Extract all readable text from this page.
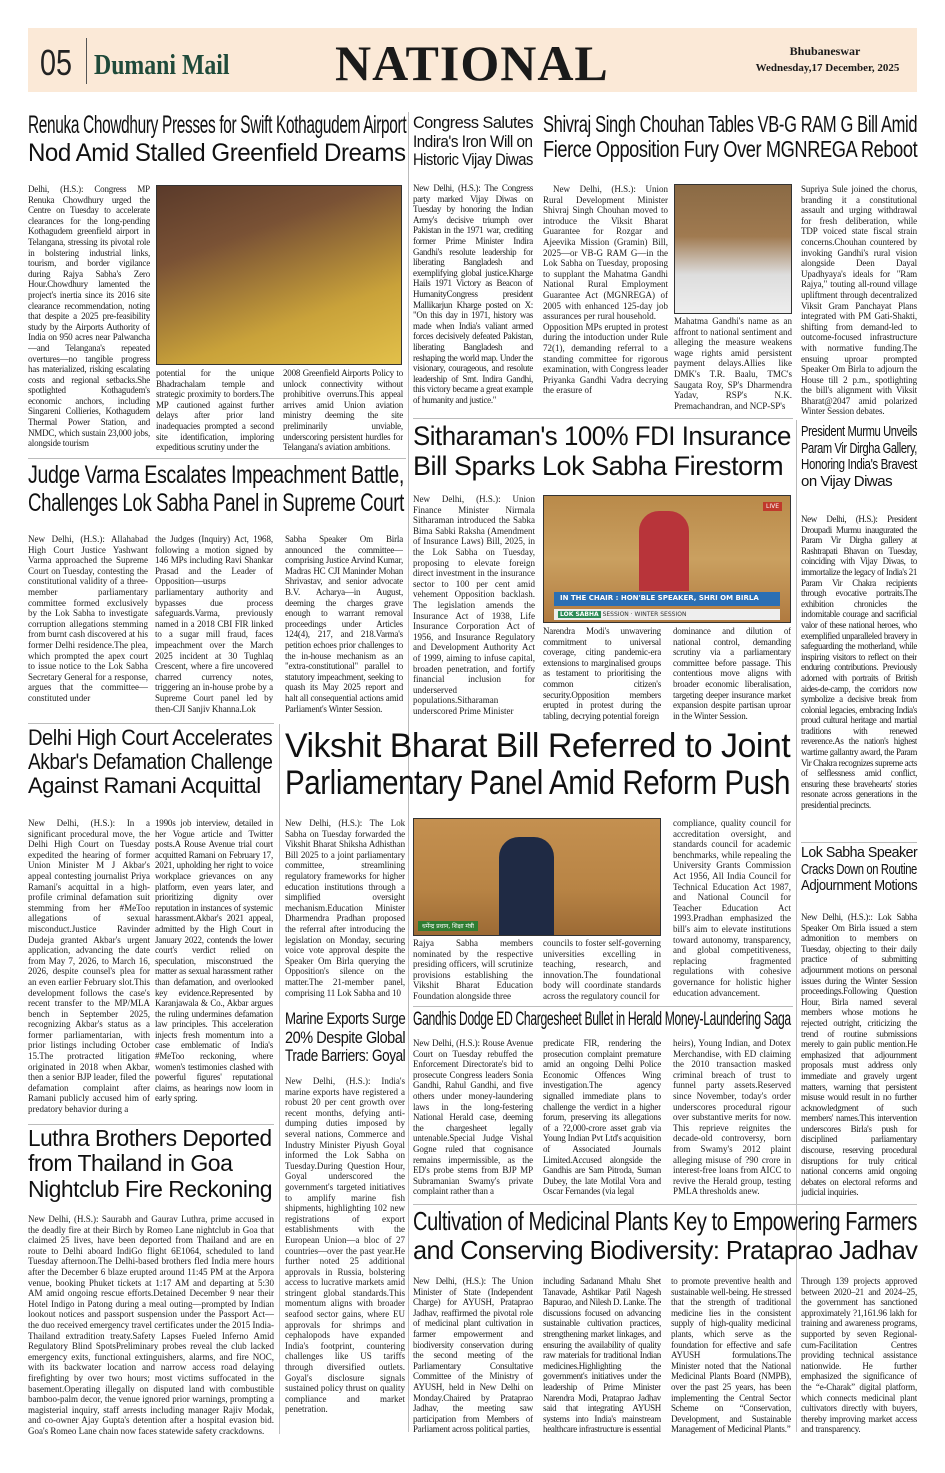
05 Dumani Mail NATIONAL	Bhubaneswar
Wednesday,17 December, 2025
Renuka Chowdhury Presses for Swift Kothagudem Airport
Nod Amid Stalled Greenfield Dreams
Delhi, (H.S.): Congress MP Renuka Chowdhury urged the Centre on Tuesday to accelerate clearances for the long-pending Kothagudem greenfield airport in Telangana, stressing its pivotal role in bolstering industrial links, tourism, and border vigilance during Rajya Sabha's Zero Hour.Chowdhury lamented the project's inertia since its 2016 site clearance recommendation, noting that despite a 2025 pre-feasibility study by the Airports Authority of India on 950 acres near Palwancha—and Telangana's repeated overtures—no tangible progress has materialized, risking escalating costs and regional setbacks.She spotlighted Kothagudem's economic anchors, including Singareni Collieries, Kothagudem Thermal Power Station, and NMDC, which sustain 23,000 jobs, alongside tourism
potential for the unique Bhadrachalam temple and strategic proximity to borders.The MP cautioned against further delays after prior land inadequacies prompted a second site identification, imploring expeditious scrutiny under the
2008 Greenfield Airports Policy to unlock connectivity without prohibitive overruns.This appeal arrives amid Union aviation ministry deeming the site preliminarily unviable, underscoring persistent hurdles for Telangana's aviation ambitions.
Congress Salutes
Indira's Iron Will on
Historic Vijay Diwas
New Delhi, (H.S.): The Congress party marked Vijay Diwas on Tuesday by honoring the Indian Army's decisive triumph over Pakistan in the 1971 war, crediting former Prime Minister Indira Gandhi's resolute leadership for liberating Bangladesh and exemplifying global justice.Kharge Hails 1971 Victory as Beacon of HumanityCongress president Mallikarjun Kharge posted on X: "On this day in 1971, history was made when India's valiant armed forces decisively defeated Pakistan, liberating Bangladesh and reshaping the world map. Under the visionary, courageous, and resolute leadership of Smt. Indira Gandhi, this victory became a great example of humanity and justice."
Shivraj Singh Chouhan Tables VB-G RAM G Bill Amid
Fierce Opposition Fury Over MGNREGA Reboot

New Delhi, (H.S.): Union Rural Development Minister Shivraj Singh Chouhan moved to introduce the Viksit Bharat Guarantee for Rozgar and Ajeevika Mission (Gramin) Bill, 2025—or VB-G RAM G—in the Lok Sabha on Tuesday, proposing to supplant the Mahatma Gandhi National Rural Employment Guarantee Act (MGNREGA) of 2005 with enhanced 125-day job assurances per rural household.

Opposition MPs erupted in protest during the intoduction under Rule 72(1), demanding referral to a standing committee for rigorous examination, with Congress leader Priyanka Gandhi Vadra decrying the erasure of
Mahatma Gandhi's name as an affront to national sentiment and alleging the measure weakens wage rights amid persistent payment delays.Allies like DMK's T.R. Baalu, TMC's Saugata Roy, SP's Dharmendra Yadav, RSP's N.K. Premachandran, and NCP-SP's
Supriya Sule joined the chorus, branding it a constitutional assault and urging withdrawal for fresh deliberation, while TDP voiced state fiscal strain concerns.Chouhan countered by invoking Gandhi's rural vision alongside Deen Dayal Upadhyaya's ideals for "Ram Rajya," touting all-round village upliftment through decentralized Viksit Gram Panchayat Plans integrated with PM Gati-Shakti, shifting from demand-led to outcome-focused infrastructure with normative funding.The ensuing uproar prompted Speaker Om Birla to adjourn the House till 2 p.m., spotlighting the bill's alignment with Viksit Bharat@2047 amid polarized Winter Session debates.
Judge Varma Escalates Impeachment Battle,
Challenges Lok Sabha Panel in Supreme Court
New Delhi, (H.S.): Allahabad High Court Justice Yashwant Varma approached the Supreme Court on Tuesday, contesting the constitutional validity of a three-member parliamentary committee formed exclusively by the Lok Sabha to investigate corruption allegations stemming from burnt cash discovered at his former Delhi residence.The plea, which prompted the apex court to issue notice to the Lok Sabha Secretary General for a response, argues that the committee—constituted under
the Judges (Inquiry) Act, 1968, following a motion signed by 146 MPs including Ravi Shankar Prasad and the Leader of Opposition—usurps parliamentary authority and bypasses due process safeguards.Varma, previously named in a 2018 CBI FIR linked to a sugar mill fraud, faces impeachment over the March 2025 incident at 30 Tughlaq Crescent, where a fire uncovered charred currency notes, triggering an in-house probe by a Supreme Court panel led by then-CJI Sanjiv Khanna.Lok
Sabha Speaker Om Birla announced the committee—comprising Justice Arvind Kumar, Madras HC CJI Maninder Mohan Shrivastav, and senior advocate B.V. Acharya—in August, deeming the charges grave enough to warrant removal proceedings under Articles 124(4), 217, and 218.Varma's petition echoes prior challenges to the in-house mechanism as an "extra-constitutional" parallel to statutory impeachment, seeking to quash its May 2025 report and halt all consequential actions amid Parliament's Winter Session.
Sitharaman's 100% FDI Insurance
Bill Sparks Lok Sabha Firestorm
New Delhi, (H.S.): Union Finance Minister Nirmala Sitharaman introduced the Sabka Bima Sabki Raksha (Amendment of Insurance Laws) Bill, 2025, in the Lok Sabha on Tuesday, proposing to elevate foreign direct investment in the insurance sector to 100 per cent amid vehement Opposition backlash. The legislation amends the Insurance Act of 1938, Life Insurance Corporation Act of 1956, and Insurance Regulatory and Development Authority Act of 1999, aiming to infuse capital, broaden penetration, and fortify financial inclusion for underserved populations.Sitharaman underscored Prime Minister
LIVE
IN THE CHAIR : HON'BLE SPEAKER, SHRI OM BIRLA
LOK SABHA SESSION · WINTER SESSION
Narendra Modi's unwavering commitment to universal coverage, citing pandemic-era extensions to marginalised groups as testament to prioritising the common citizen's security.Opposition members erupted in protest during the tabling, decrying potential foreign
dominance and dilution of national control, demanding scrutiny via a parliamentary committee before passage. This contentious move aligns with broader economic liberalisation, targeting deeper insurance market expansion despite partisan uproar in the Winter Session.
President Murmu Unveils
Param Vir Dirgha Gallery,
Honoring India's Bravest
on Vijay Diwas
New Delhi, (H.S.): President Droupadi Murmu inaugurated the Param Vir Dirgha gallery at Rashtrapati Bhavan on Tuesday, coinciding with Vijay Diwas, to immortalize the legacy of India's 21 Param Vir Chakra recipients through evocative portraits.The exhibition chronicles the indomitable courage and sacrificial valor of these national heroes, who exemplified unparalleled bravery in safeguarding the motherland, while inspiring visitors to reflect on their enduring contributions. Previously adorned with portraits of British aides-de-camp, the corridors now symbolize a decisive break from colonial legacies, embracing India's proud cultural heritage and martial traditions with renewed reverence.As the nation's highest wartime gallantry award, the Param Vir Chakra recognizes supreme acts of selflessness amid conflict, ensuring these bravehearts' stories resonate across generations in the presidential precincts.
Delhi High Court Accelerates
Akbar's Defamation Challenge
Against Ramani Acquittal
New Delhi, (H.S.): In a significant procedural move, the Delhi High Court on Tuesday expedited the hearing of former Union Minister M J Akbar's appeal contesting journalist Priya Ramani's acquittal in a high-profile criminal defamation suit stemming from her #MeToo allegations of sexual misconduct.Justice Ravinder Dudeja granted Akbar's urgent application, advancing the date from May 7, 2026, to March 16, 2026, despite counsel's plea for an even earlier February slot.This development follows the case's recent transfer to the MP/MLA bench in September 2025, recognizing Akbar's status as a former parliamentarian, with prior listings including October 15.The protracted litigation originated in 2018 when Akbar, then a senior BJP leader, filed the defamation complaint after Ramani publicly accused him of predatory behavior during a
1990s job interview, detailed in her Vogue article and Twitter posts.A Rouse Avenue trial court acquitted Ramani on February 17, 2021, upholding her right to voice workplace grievances on any platform, even years later, and prioritizing dignity over reputation in instances of systemic harassment.Akbar's 2021 appeal, admitted by the High Court in January 2022, contends the lower court's verdict relied on speculation, misconstrued the matter as sexual harassment rather than defamation, and overlooked key evidence.Represented by Karanjawala & Co., Akbar argues the ruling undermines defamation law principles. This acceleration injects fresh momentum into a case emblematic of India's #MeToo reckoning, where women's testimonies clashed with powerful figures' reputational claims, as hearings now loom in early spring.
Vikshit Bharat Bill Referred to Joint
Parliamentary Panel Amid Reform Push
New Delhi, (H.S.): The Lok Sabha on Tuesday forwarded the Vikshit Bharat Shiksha Adhisthan Bill 2025 to a joint parliamentary committee, streamlining regulatory frameworks for higher education institutions through a simplified oversight mechanism.Education Minister Dharmendra Pradhan proposed the referral after introducing the legislation on Monday, securing voice vote approval despite the Speaker Om Birla querying the Opposition's silence on the matter.The 21-member panel, comprising 11 Lok Sabha and 10
धर्मेन्द्र प्रधान, शिक्षा मंत्री
Rajya Sabha members nominated by the respective presiding officers, will scrutinize provisions establishing the Vikshit Bharat Education Foundation alongside three
councils to foster self-governing universities excelling in teaching, research, and innovation.The foundational body will coordinate standards across the regulatory council for
compliance, quality council for accreditation oversight, and standards council for academic benchmarks, while repealing the University Grants Commission Act 1956, All India Council for Technical Education Act 1987, and National Council for Teacher Education Act 1993.Pradhan emphasized the bill's aim to elevate institutions toward autonomy, transparency, and global competitiveness, replacing fragmented regulations with cohesive governance for holistic higher education advancement.
Lok Sabha Speaker
Cracks Down on Routine
Adjournment Motions
New Delhi, (H.S.):: Lok Sabha Speaker Om Birla issued a stern admonition to members on Tuesday, objecting to their daily practice of submitting adjournment motions on personal issues during the Winter Session proceedings.Following Question Hour, Birla named several members whose motions he rejected outright, criticizing the trend of routine submissions merely to gain public mention.He emphasized that adjournment proposals must address only immediate and gravely urgent matters, warning that persistent misuse would result in no further acknowledgment of such members' names.This intervention underscores Birla's push for disciplined parliamentary discourse, reserving procedural disruptions for truly critical national concerns amid ongoing debates on electoral reforms and judicial inquiries.
Marine Exports Surge
20% Despite Global
Trade Barriers: Goyal
New Delhi, (H.S.): India's marine exports have registered a robust 20 per cent growth over recent months, defying anti-dumping duties imposed by several nations, Commerce and Industry Minister Piyush Goyal informed the Lok Sabha on Tuesday.During Question Hour, Goyal underscored the government's targeted initiatives to amplify marine fish shipments, highlighting 102 new registrations of export establishments with the European Union—a bloc of 27 countries—over the past year.He further noted 25 additional approvals in Russia, bolstering access to lucrative markets amid stringent global standards.This momentum aligns with broader seafood sector gains, where EU approvals for shrimps and cephalopods have expanded India's footprint, countering challenges like US tariffs through diversified outlets. Goyal's disclosure signals sustained policy thrust on quality compliance and market penetration.
Gandhis Dodge ED Chargesheet Bullet in Herald Money-Laundering Saga
New Delhi, (H.S.): Rouse Avenue Court on Tuesday rebuffed the Enforcement Directorate's bid to prosecute Congress leaders Sonia Gandhi, Rahul Gandhi, and five others under money-laundering laws in the long-festering National Herald case, deeming the chargesheet legally untenable.Special Judge Vishal Gogne ruled that cognisance remains impermissible, as the ED's probe stems from BJP MP Subramanian Swamy's private complaint rather than a
predicate FIR, rendering the prosecution complaint premature amid an ongoing Delhi Police Economic Offences Wing investigation.The agency signalled immediate plans to challenge the verdict in a higher forum, preserving its allegations of a ?2,000-crore asset grab via Young Indian Pvt Ltd's acquisition of Associated Journals Limited.Accused alongside the Gandhis are Sam Pitroda, Suman Dubey, the late Motilal Vora and Oscar Fernandes (via legal
heirs), Young Indian, and Dotex Merchandise, with ED claiming the 2010 transaction masked criminal breach of trust to funnel party assets.Reserved since November, today's order underscores procedural rigour over substantive merits for now. This reprieve reignites the decade-old controversy, born from Swamy's 2012 plaint alleging misuse of ?90 crore in interest-free loans from AICC to revive the Herald group, testing PMLA thresholds anew.
Luthra Brothers Deported
from Thailand in Goa
Nightclub Fire Reckoning
New Delhi, (H.S.): Saurabh and Gaurav Luthra, prime accused in the deadly fire at their Birch by Romeo Lane nightclub in Goa that claimed 25 lives, have been deported from Thailand and are en route to Delhi aboard IndiGo flight 6E1064, scheduled to land Tuesday afternoon.The Delhi-based brothers fled India mere hours after the December 6 blaze erupted around 11:45 PM at the Arpora venue, booking Phuket tickets at 1:17 AM and departing at 5:30 AM amid ongoing rescue efforts.Detained December 9 near their Hotel Indigo in Patong during a meal outing—prompted by Indian lookout notices and passport suspension under the Passport Act—the duo received emergency travel certificates under the 2015 India-Thailand extradition treaty.Safety Lapses Fueled Inferno Amid Regulatory Blind SpotsPreliminary probes reveal the club lacked emergency exits, functional extinguishers, alarms, and fire NOC, with its backwater location and narrow access road delaying firefighting by over two hours; most victims suffocated in the basement.Operating illegally on disputed land with combustible bamboo-palm decor, the venue ignored prior warnings, prompting a magisterial inquiry, staff arrests including manager Rajiv Modak, and co-owner Ajay Gupta's detention after a hospital evasion bid. Goa's Romeo Lane chain now faces statewide safety crackdowns.
Cultivation of Medicinal Plants Key to Empowering Farmers
and Conserving Biodiversity: Prataprao Jadhav
New Delhi, (H.S.): The Union Minister of State (Independent Charge) for AYUSH, Prataprao Jadhav, reaffirmed the pivotal role of medicinal plant cultivation in farmer empowerment and biodiversity conservation during the second meeting of the Parliamentary Consultative Committee of the Ministry of AYUSH, held in New Delhi on Monday.Chaired by Prataprao Jadhav, the meeting saw participation from Members of Parliament across political parties,
including Sadanand Mhalu Shet Tanavade, Ashtikar Patil Nagesh Bapurao, and Nilesh D. Lanke. The discussions focused on advancing sustainable cultivation practices, strengthening market linkages, and ensuring the availability of quality raw materials for traditional Indian medicines.Highlighting the government's initiatives under the leadership of Prime Minister Narendra Modi, Prataprao Jadhav said that integrating AYUSH systems into India's mainstream healthcare infrastructure is essential
to promote preventive health and sustainable well-being. He stressed that the strength of traditional medicine lies in the consistent supply of high-quality medicinal plants, which serve as the foundation for effective and safe AYUSH formulations.The Minister noted that the National Medicinal Plants Board (NMPB), over the past 25 years, has been implementing the Central Sector Scheme on “Conservation, Development, and Sustainable Management of Medicinal Plants.”
Through 139 projects approved between 2020–21 and 2024–25, the government has sanctioned approximately ?1,161.96 lakh for training and awareness programs, supported by seven Regional-cum-Facilitation Centres providing technical assistance nationwide. He further emphasized the significance of the “e-Charak” digital platform, which connects medicinal plant cultivators directly with buyers, thereby improving market access and transparency.
